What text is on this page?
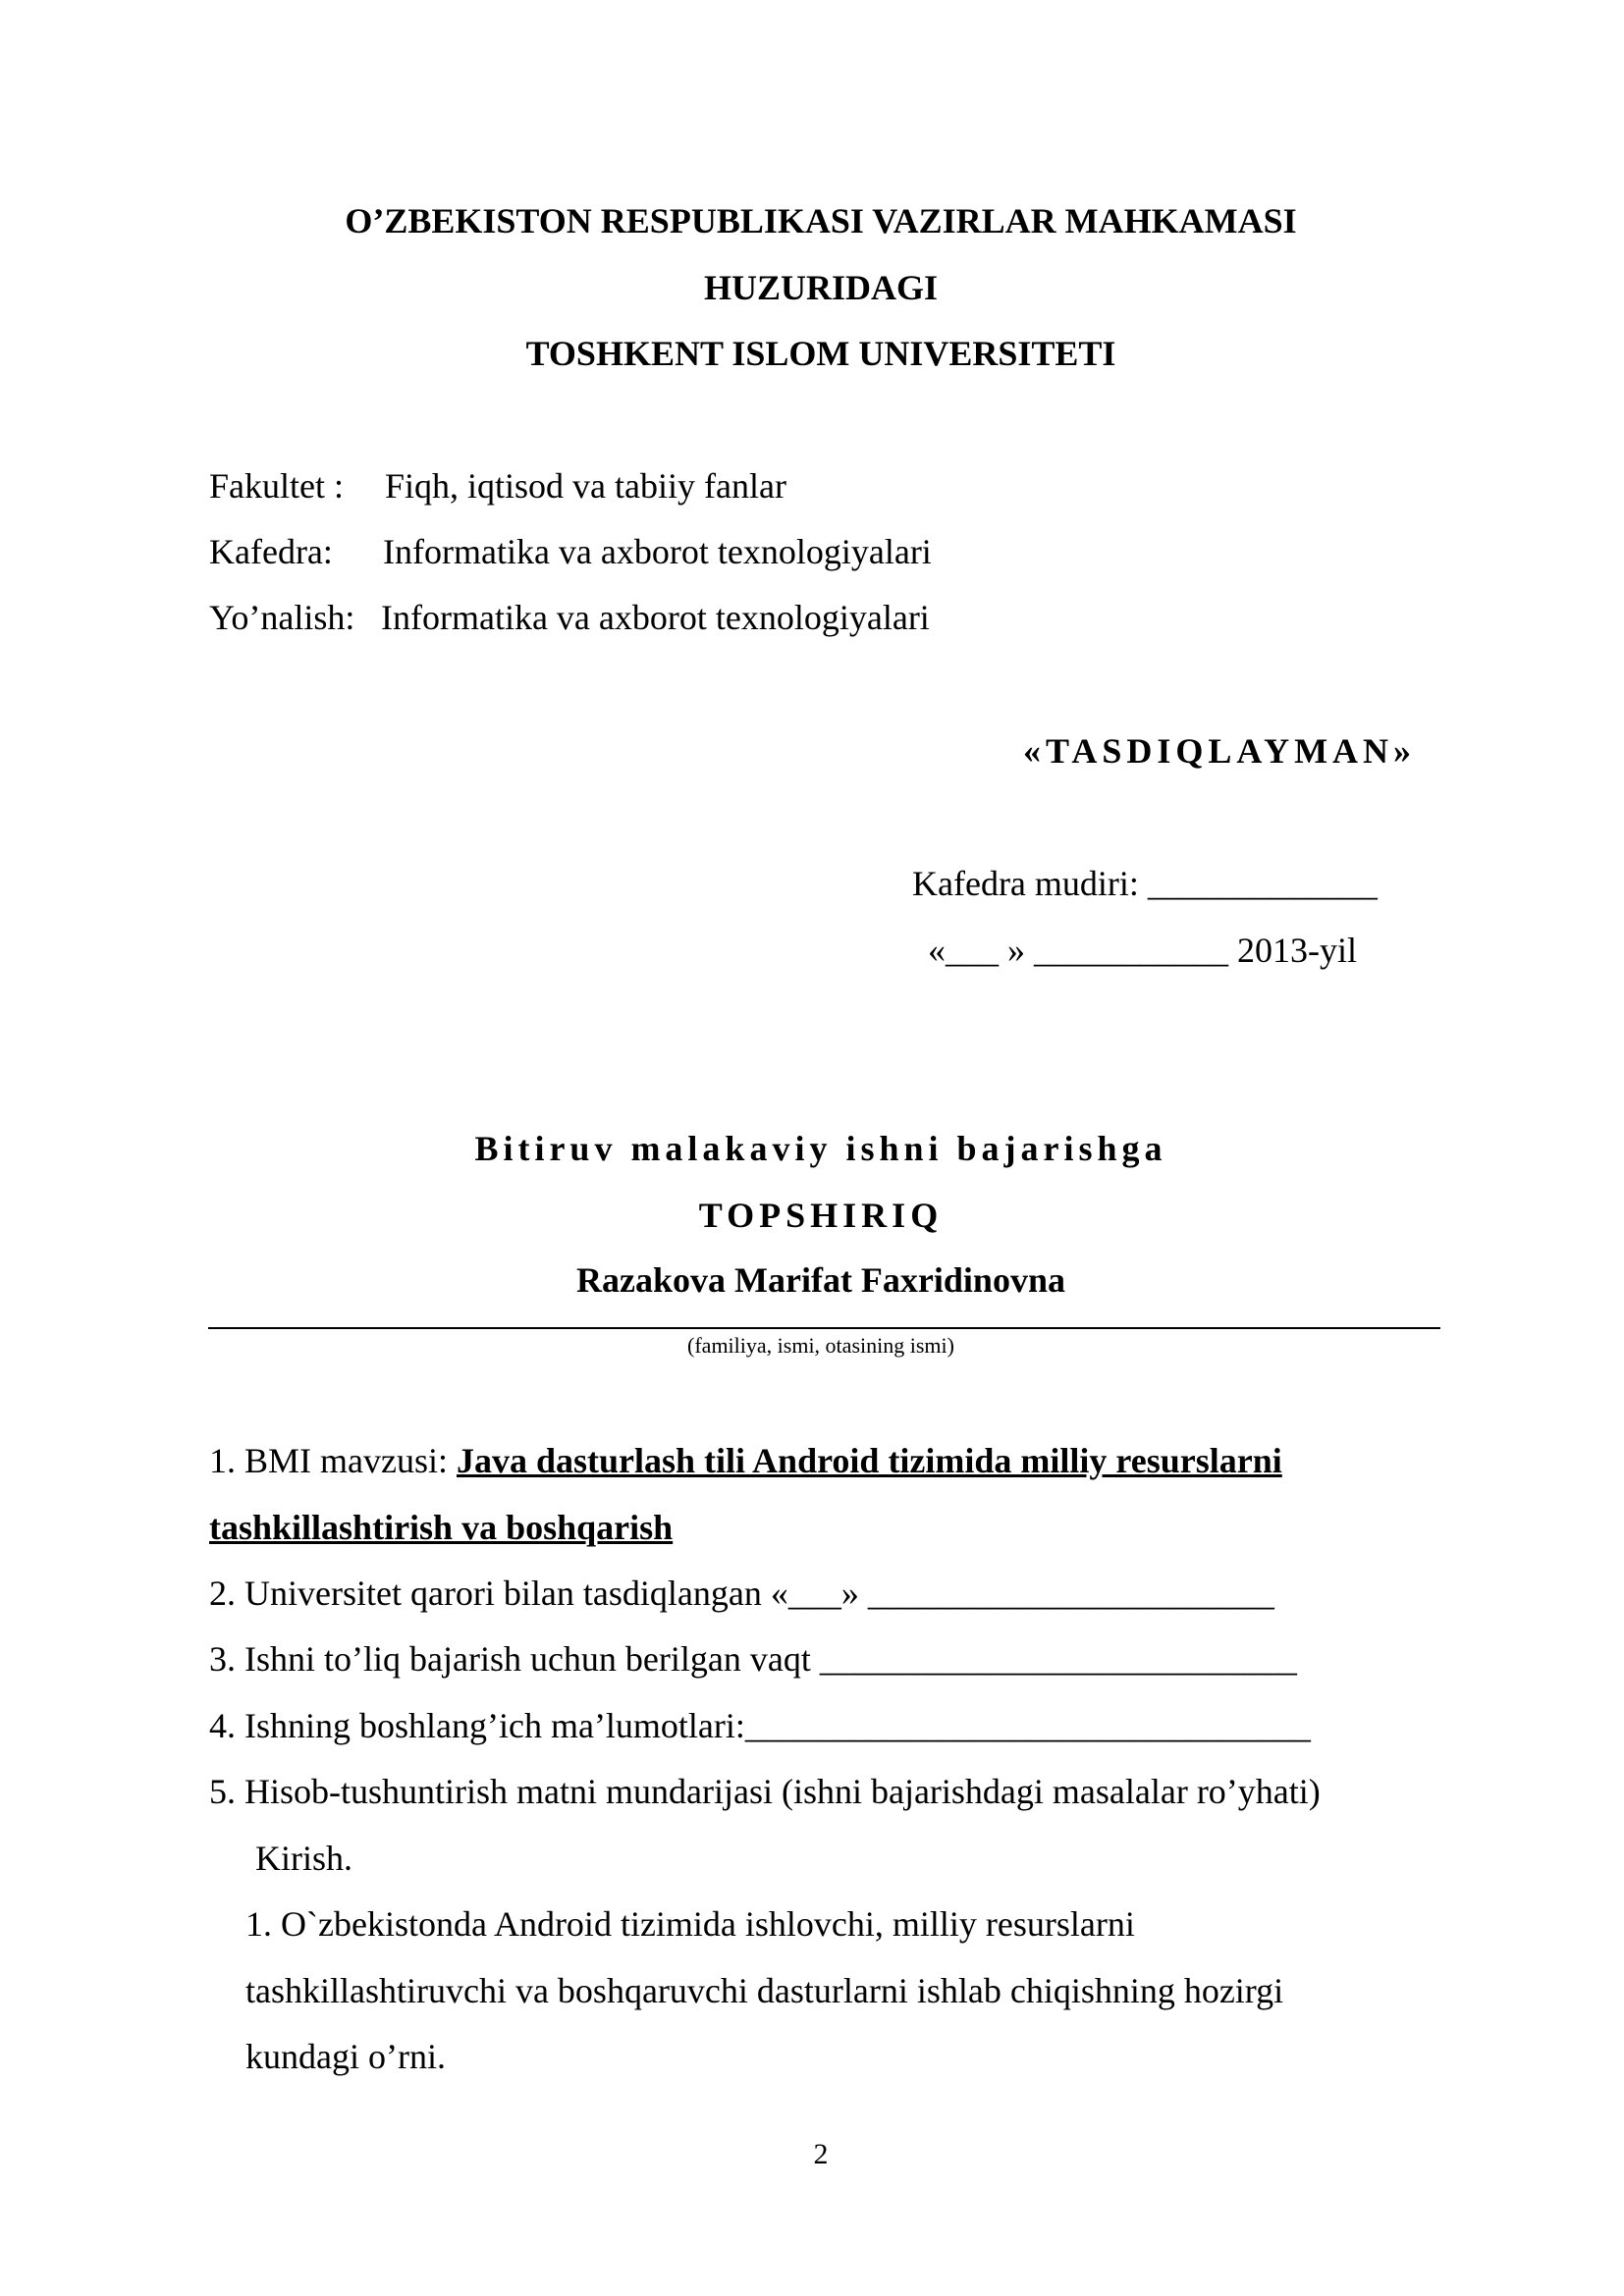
O’ZBEKISTON RESPUBLIKASI VAZIRLAR MAHKAMASI
HUZURIDAGI
TOSHKENT ISLOM UNIVERSITETI
Fakultet : Fiqh, iqtisod va tabiiy fanlar
Kafedra: Informatika va axborot texnologiyalari
Yo’nalish: Informatika va axborot texnologiyalari
«TASDIQLAYMAN»
Kafedra mudiri: _____________
«___ » ___________ 2013-yil
Bitiruv malakaviy ishni bajarishga
TOPSHIRIQ
Razakova Marifat Faxridinovna
(familiya, ismi, otasining ismi)
1. BMI mavzusi: Java dasturlash tili Android tizimida milliy resurslarni
tashkillashtirish va boshqarish
2. Universitet qarori bilan tasdiqlangan «___» _______________________
3. Ishni to’liq bajarish uchun berilgan vaqt ___________________________
4. Ishning boshlang’ich ma’lumotlari:________________________________
5. Hisob-tushuntirish matni mundarijasi (ishni bajarishdagi masalalar ro’yhati)
Kirish.
1. O`zbekistonda Android tizimida ishlovchi, milliy resurslarni
tashkillashtiruvchi va boshqaruvchi dasturlarni ishlab chiqishning hozirgi
kundagi o’rni.
2
